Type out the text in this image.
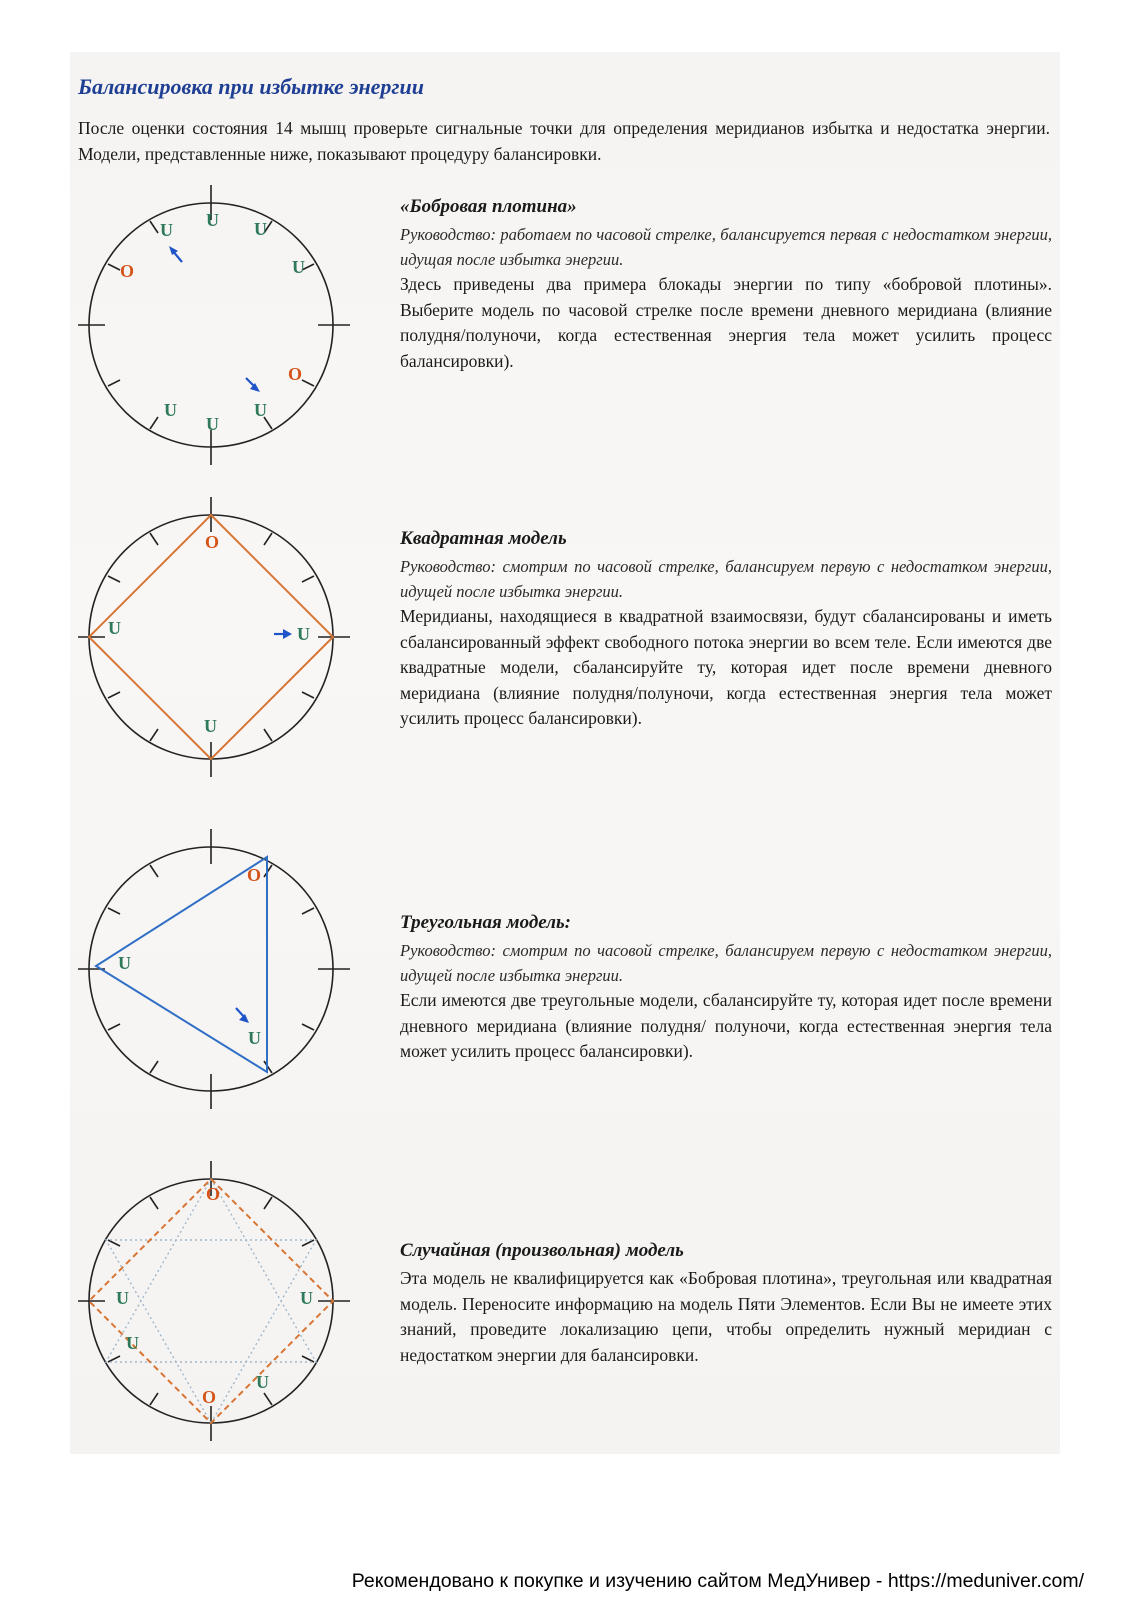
Балансировка при избытке энергии

После оценки состояния 14 мышц проверьте сигнальные точки для определения меридианов избытка и недостатка энергии. Модели, представленные ниже, показывают процедуру балансировки.

U U
U
U
O
O
U
U
U
O
U
U
U
O
U
U
O
U	U
U
U
O
«Бобровая плотина»

Руководство: работаем по часовой стрелке, балансируется первая с недостатком энергии, идущая после избытка энергии.

Здесь приведены два примера блокады энергии по типу «бобровой плотины». Выберите модель по часовой стрелке после времени дневного меридиана (влияние полудня/полуночи, когда естественная энергия тела может усилить процесс балансировки).

Квадратная модель

Руководство: смотрим по часовой стрелке, балансируем первую с недостатком энергии, идущей после избытка энергии.

Меридианы, находящиеся в квадратной взаимосвязи, будут сбалансированы и иметь сбалансированный эффект свободного потока энергии во всем теле. Если имеются две квадратные модели, сбалансируйте ту, которая идет после времени дневного меридиана (влияние полудня/полуночи, когда естественная энергия тела может усилить процесс балансировки).

Треугольная модель:

Руководство: смотрим по часовой стрелке, балансируем первую с недостатком энергии, идущей после избытка энергии.

Если имеются две треугольные модели, сбалансируйте ту, которая идет после времени дневного меридиана (влияние полудня/ полуночи, когда естественная энергия тела может усилить процесс балансировки).

Случайная (произвольная) модель

Эта модель не квалифицируется как «Бобровая плотина», треугольная или квадратная модель. Переносите информацию на модель Пяти Элементов. Если Вы не имеете этих знаний, проведите локализацию цепи, чтобы определить нужный меридиан с недостатком энергии для балансировки.

Рекомендовано к покупке и изучению сайтом МедУнивер - https://meduniver.com/
